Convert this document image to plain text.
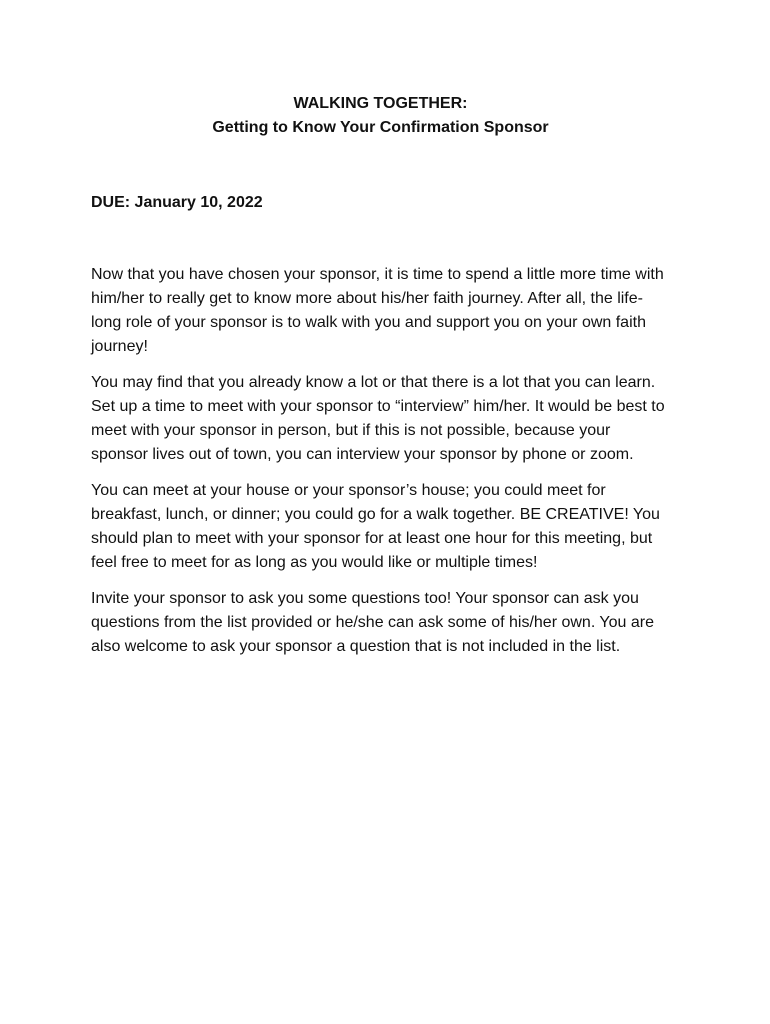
WALKING TOGETHER:
Getting to Know Your Confirmation Sponsor

DUE: January 10, 2022

Now that you have chosen your sponsor, it is time to spend a little more time with him/her to really get to know more about his/her faith journey. After all, the life-long role of your sponsor is to walk with you and support you on your own faith journey!

You may find that you already know a lot or that there is a lot that you can learn. Set up a time to meet with your sponsor to “interview” him/her. It would be best to meet with your sponsor in person, but if this is not possible, because your sponsor lives out of town, you can interview your sponsor by phone or zoom.

You can meet at your house or your sponsor’s house; you could meet for breakfast, lunch, or dinner; you could go for a walk together. BE CREATIVE! You should plan to meet with your sponsor for at least one hour for this meeting, but feel free to meet for as long as you would like or multiple times!

Invite your sponsor to ask you some questions too! Your sponsor can ask you questions from the list provided or he/she can ask some of his/her own. You are also welcome to ask your sponsor a question that is not included in the list.
